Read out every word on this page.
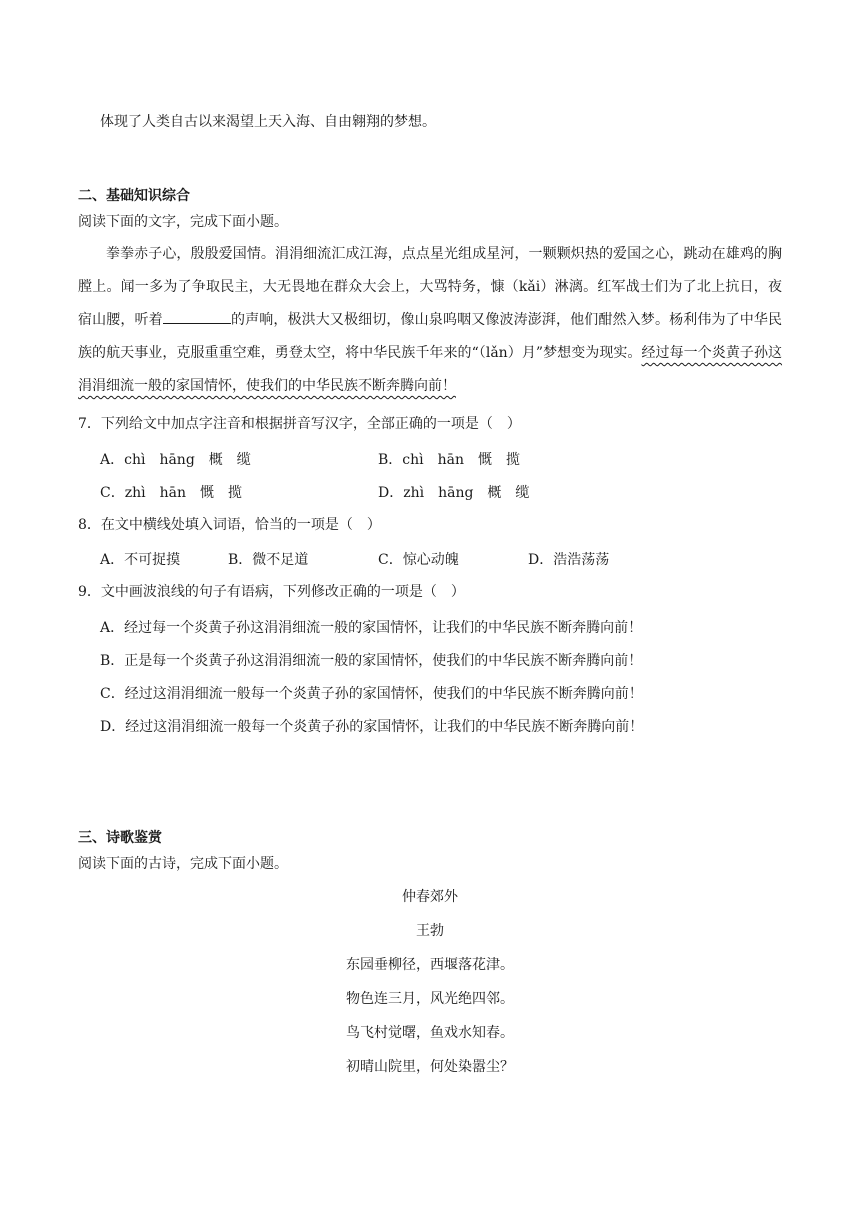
体现了人类自古以来渴望上天入海、自由翱翔的梦想。
二、基础知识综合
阅读下面的文字，完成下面小题。
拳拳赤子心，殷殷爱国情。涓涓细流汇成江海，点点星光组成星河，一颗颗炽热的爱国之心，跳动在雄鸡的胸膛上。闻一多为了争取民主，大无畏地在群众大会上，大骂特务，慷（kǎi）淋漓。红军战士们为了北上抗日，夜宿山腰，听着	的声响，极洪大又极细切，像山泉呜咽又像波涛澎湃，他们酣然入梦。杨利伟为了中华民族的航天事业，克服重重空难，勇登太空，将中华民族千年来的“（lǎn）月”梦想变为现实。经过每一个炎黄子孙这涓涓细流一般的家国情怀，使我们的中华民族不断奔腾向前！
7．下列给文中加点字注音和根据拼音写汉字，全部正确的一项是（　）
A．chì　hāng　概　缆	B．chì　hān　慨　揽
C．zhì　hān　慨　揽	D．zhì　hāng　概　缆
8．在文中横线处填入词语，恰当的一项是（　）
A．不可捉摸	B．微不足道	C．惊心动魄	D．浩浩荡荡
9．文中画波浪线的句子有语病，下列修改正确的一项是（　）
A．经过每一个炎黄子孙这涓涓细流一般的家国情怀，让我们的中华民族不断奔腾向前！
B．正是每一个炎黄子孙这涓涓细流一般的家国情怀，使我们的中华民族不断奔腾向前！
C．经过这涓涓细流一般每一个炎黄子孙的家国情怀，使我们的中华民族不断奔腾向前！
D．经过这涓涓细流一般每一个炎黄子孙的家国情怀，让我们的中华民族不断奔腾向前！
三、诗歌鉴赏
阅读下面的古诗，完成下面小题。
仲春郊外
王勃
东园垂柳径，西堰落花津。
物色连三月，风光绝四邻。
鸟飞村觉曙，鱼戏水知春。
初晴山院里，何处染嚣尘？
